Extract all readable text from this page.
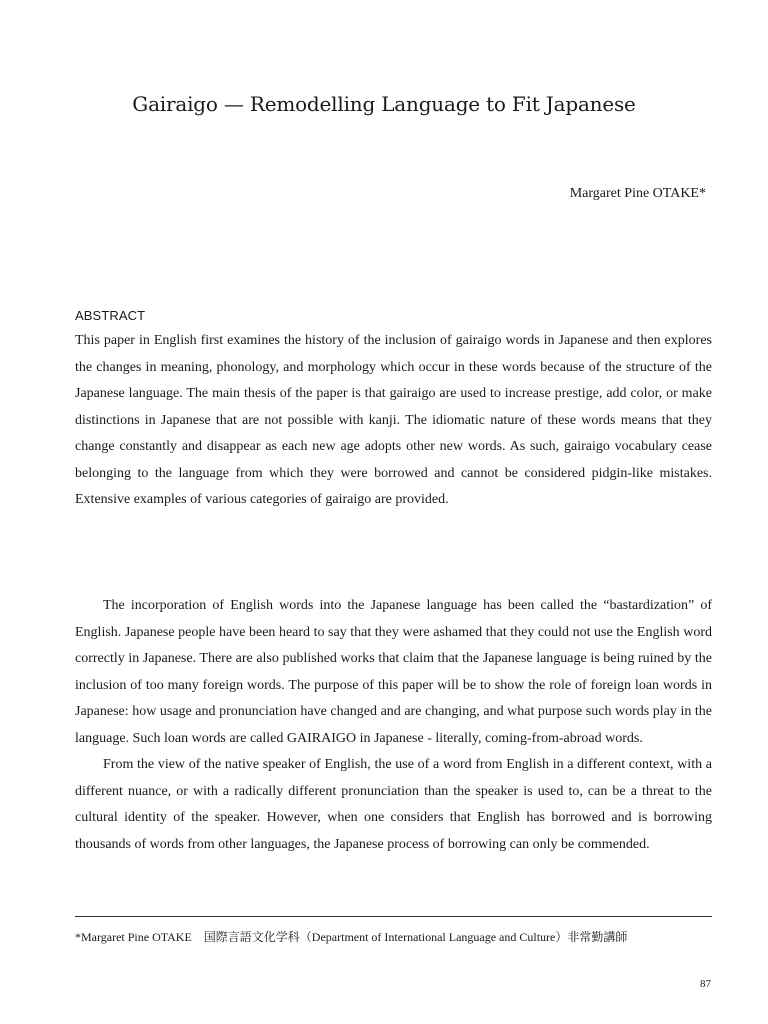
Gairaigo — Remodelling Language to Fit Japanese
Margaret Pine OTAKE*
ABSTRACT

This paper in English first examines the history of the inclusion of gairaigo words in Japanese and then explores the changes in meaning, phonology, and morphology which occur in these words because of the structure of the Japanese language. The main thesis of the paper is that gairaigo are used to increase prestige, add color, or make distinctions in Japanese that are not possible with kanji. The idiomatic nature of these words means that they change constantly and disappear as each new age adopts other new words. As such, gairaigo vocabulary cease belonging to the language from which they were borrowed and cannot be considered pidgin-like mistakes. Extensive examples of various categories of gairaigo are provided.

The incorporation of English words into the Japanese language has been called the “bastardization” of English. Japanese people have been heard to say that they were ashamed that they could not use the English word correctly in Japanese. There are also published works that claim that the Japanese language is being ruined by the inclusion of too many foreign words. The purpose of this paper will be to show the role of foreign loan words in Japanese: how usage and pronunciation have changed and are changing, and what purpose such words play in the language. Such loan words are called GAIRAIGO in Japanese - literally, coming-from-abroad words.

From the view of the native speaker of English, the use of a word from English in a different context, with a different nuance, or with a radically different pronunciation than the speaker is used to, can be a threat to the cultural identity of the speaker. However, when one considers that English has borrowed and is borrowing thousands of words from other languages, the Japanese process of borrowing can only be commended.

*Margaret Pine OTAKE　国際言語文化学科（Department of International Language and Culture）非常勤講師

87
